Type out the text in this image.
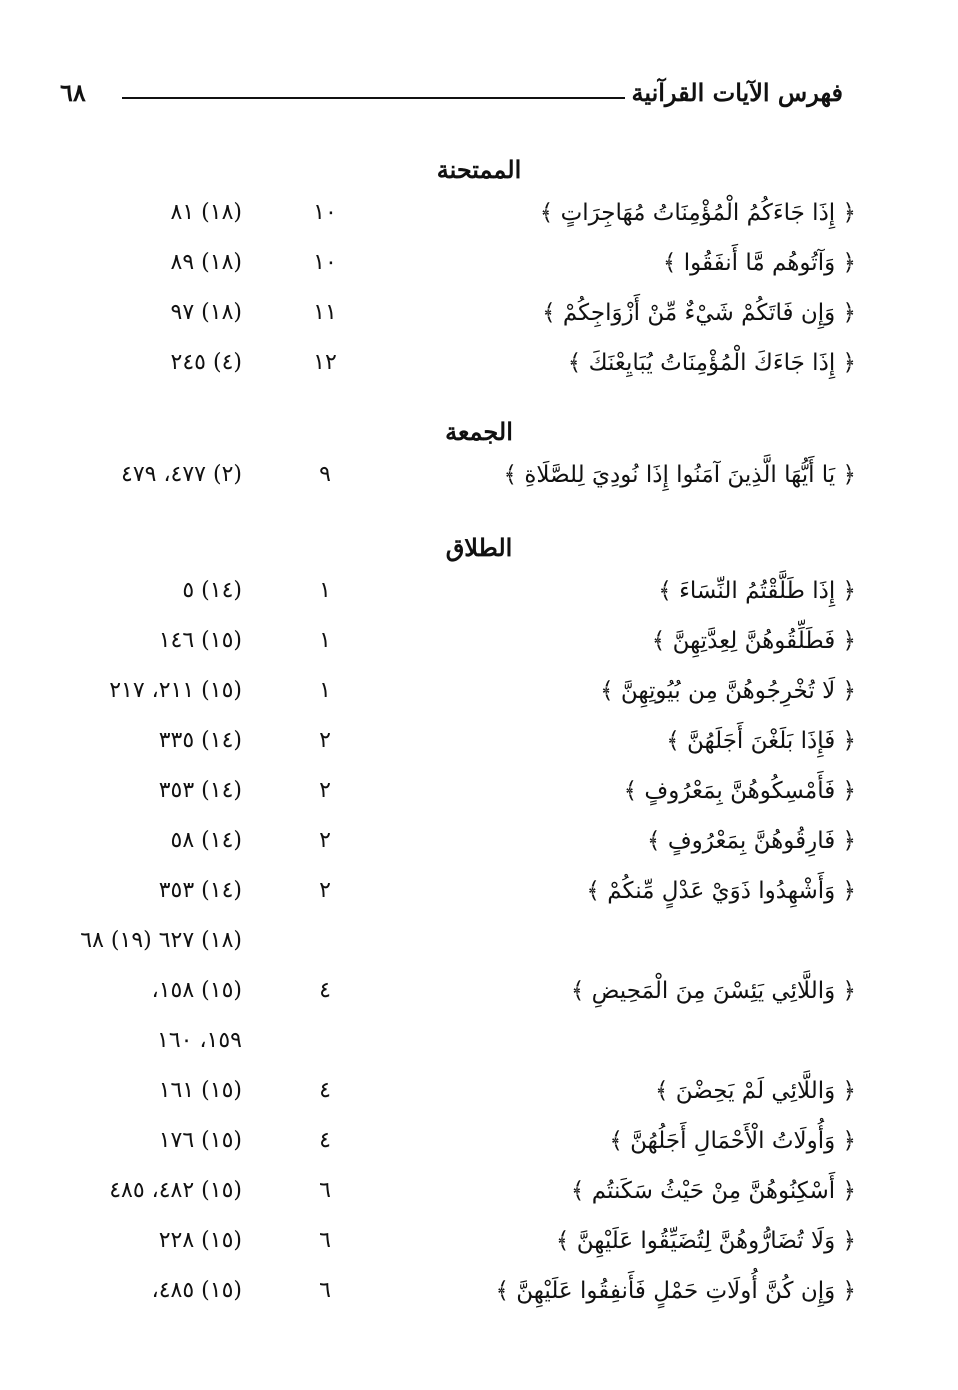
فهرس الآيات القرآنية
٦٨
الممتحنة
﴿ إِذَا جَاءَكُمُ الْمُؤْمِنَاتُ مُهَاجِرَاتٍ ﴾
١٠
(١٨) ٨١
﴿ وَآتُوهُم مَّا أَنفَقُوا ﴾
١٠
(١٨) ٨٩
﴿ وَإِن فَاتَكُمْ شَيْءٌ مِّنْ أَزْوَاجِكُمْ ﴾
١١
(١٨) ٩٧
﴿ إِذَا جَاءَكَ الْمُؤْمِنَاتُ يُبَايِعْنَكَ ﴾
١٢
(٤) ٢٤٥
الجمعة
﴿ يَا أَيُّهَا الَّذِينَ آمَنُوا إِذَا نُودِيَ لِلصَّلَاةِ ﴾
٩
(٢) ٤٧٧، ٤٧٩
الطلاق
﴿ إِذَا طَلَّقْتُمُ النِّسَاءَ ﴾
١
(١٤) ٥
﴿ فَطَلِّقُوهُنَّ لِعِدَّتِهِنَّ ﴾
١
(١٥) ١٤٦
﴿ لَا تُخْرِجُوهُنَّ مِن بُيُوتِهِنَّ ﴾
١
(١٥) ٢١١، ٢١٧
﴿ فَإِذَا بَلَغْنَ أَجَلَهُنَّ ﴾
٢
(١٤) ٣٣٥
﴿ فَأَمْسِكُوهُنَّ بِمَعْرُوفٍ ﴾
٢
(١٤) ٣٥٣
﴿ فَارِقُوهُنَّ بِمَعْرُوفٍ ﴾
٢
(١٤) ٥٨
﴿ وَأَشْهِدُوا ذَوَيْ عَدْلٍ مِّنكُمْ ﴾
٢
(١٤) ٣٥٣
(١٨) ٦٢٧ (١٩) ٦٨
﴿ وَاللَّائِي يَئِسْنَ مِنَ الْمَحِيضِ ﴾
٤
(١٥) ١٥٨،
١٥٩، ١٦٠
﴿ وَاللَّائِي لَمْ يَحِضْنَ ﴾
٤
(١٥) ١٦١
﴿ وَأُولَاتُ الْأَحْمَالِ أَجَلُهُنَّ ﴾
٤
(١٥) ١٧٦
﴿ أَسْكِنُوهُنَّ مِنْ حَيْثُ سَكَنتُم ﴾
٦
(١٥) ٤٨٢، ٤٨٥
﴿ وَلَا تُضَارُّوهُنَّ لِتُضَيِّقُوا عَلَيْهِنَّ ﴾
٦
(١٥) ٢٢٨
﴿ وَإِن كُنَّ أُولَاتِ حَمْلٍ فَأَنفِقُوا عَلَيْهِنَّ ﴾
٦
(١٥) ٤٨٥،
